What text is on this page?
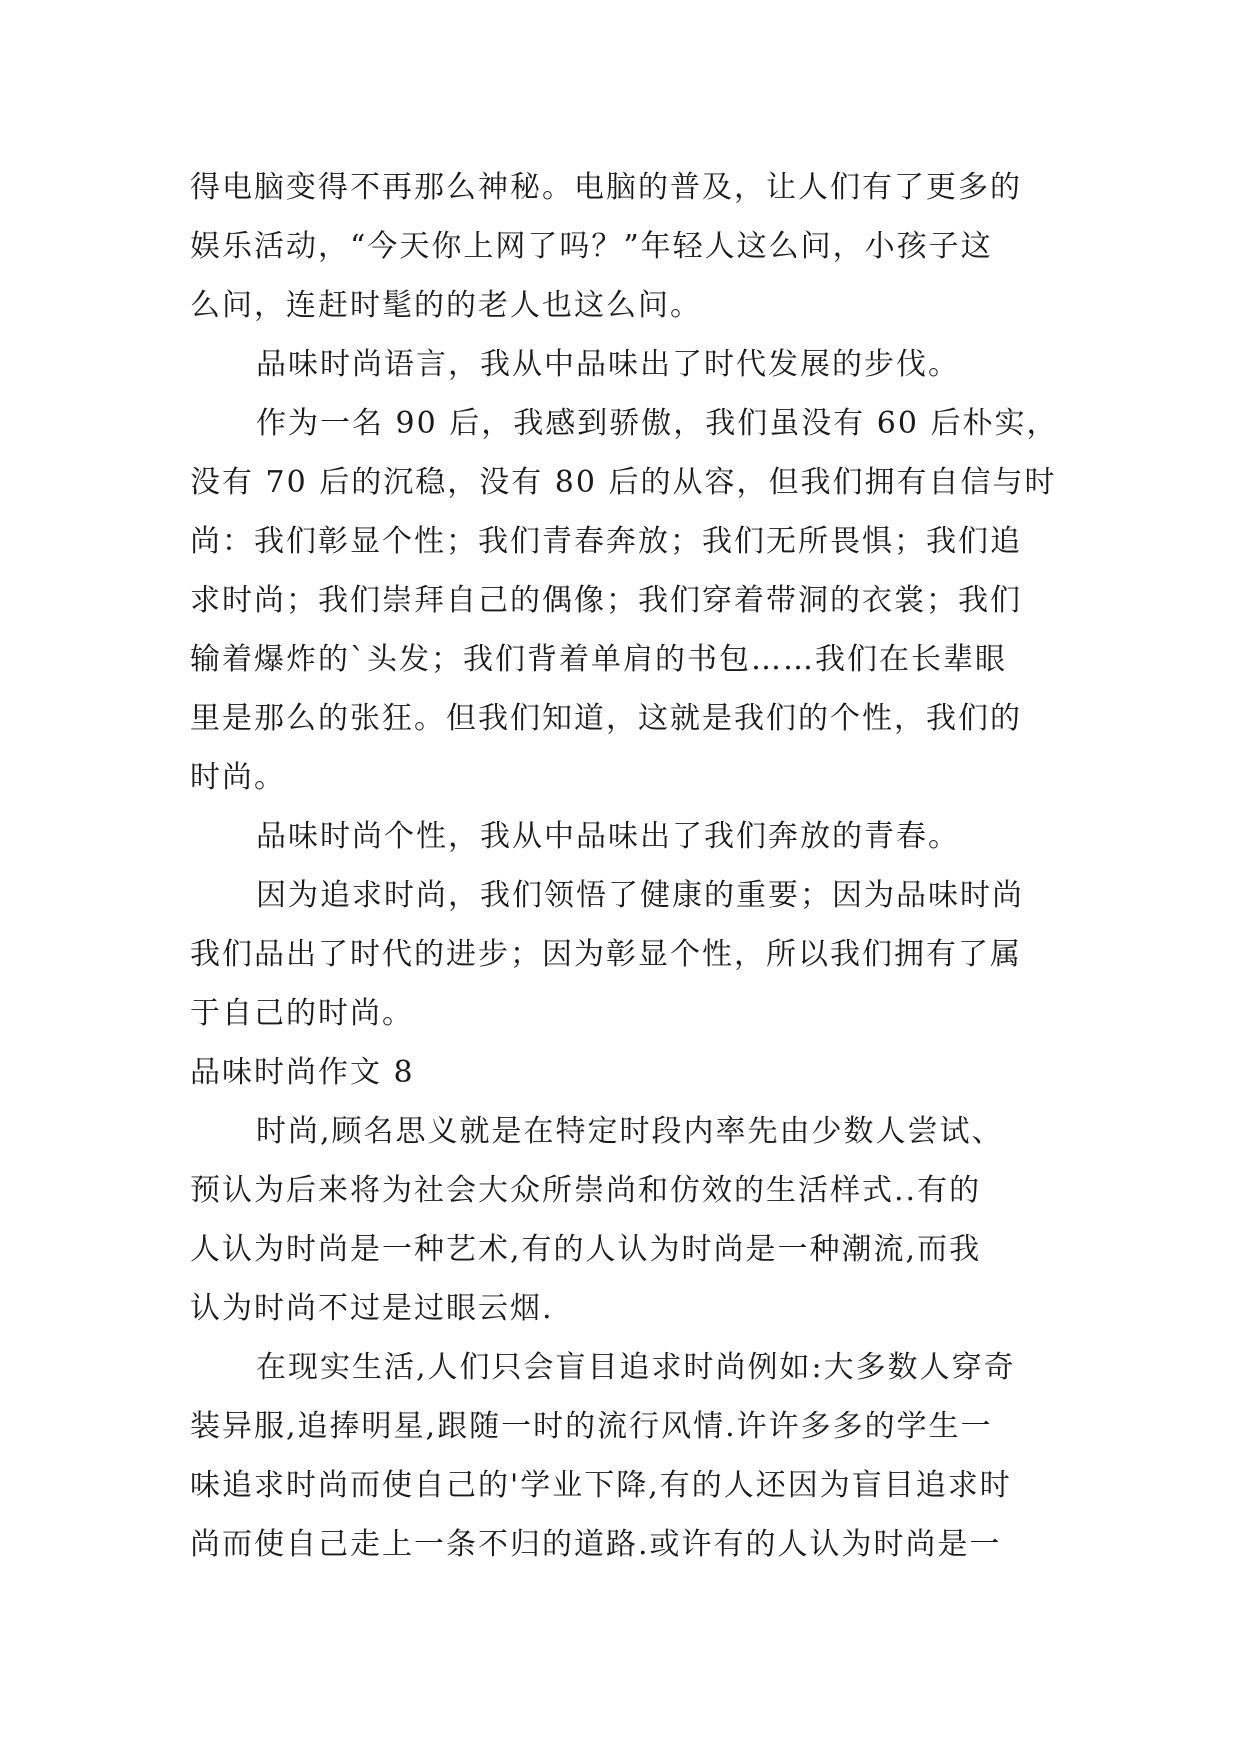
得电脑变得不再那么神秘。电脑的普及，让人们有了更多的

娱乐活动，“今天你上网了吗？”年轻人这么问，小孩子这

么问，连赶时髦的的老人也这么问。

品味时尚语言，我从中品味出了时代发展的步伐。

作为一名 90 后，我感到骄傲，我们虽没有 60 后朴实，

没有 70 后的沉稳，没有 80 后的从容，但我们拥有自信与时

尚：我们彰显个性；我们青春奔放；我们无所畏惧；我们追

求时尚；我们崇拜自己的偶像；我们穿着带洞的衣裳；我们

输着爆炸的`头发；我们背着单肩的书包……我们在长辈眼

里是那么的张狂。但我们知道，这就是我们的个性，我们的

时尚。

品味时尚个性，我从中品味出了我们奔放的青春。

因为追求时尚，我们领悟了健康的重要；因为品味时尚

我们品出了时代的进步；因为彰显个性，所以我们拥有了属

于自己的时尚。

品味时尚作文 8

时尚,顾名思义就是在特定时段内率先由少数人尝试、

预认为后来将为社会大众所崇尚和仿效的生活样式..有的

人认为时尚是一种艺术,有的人认为时尚是一种潮流,而我

认为时尚不过是过眼云烟.

在现实生活,人们只会盲目追求时尚例如:大多数人穿奇

装异服,追捧明星,跟随一时的流行风情.许许多多的学生一

味追求时尚而使自己的'学业下降,有的人还因为盲目追求时

尚而使自己走上一条不归的道路.或许有的人认为时尚是一
